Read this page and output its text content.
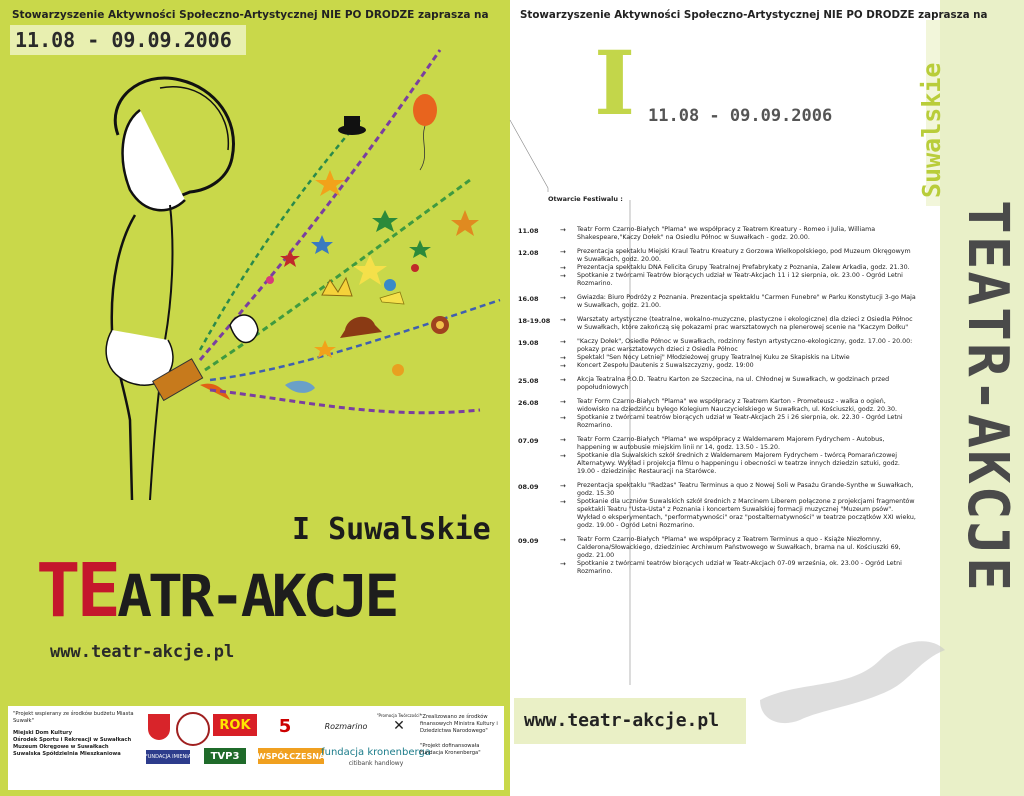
Stowarzyszenie Aktywności Społeczno-Artystycznej NIE PO DRODZE zaprasza na
11.08 - 09.09.2006
I Suwalskie
TEATR-AKCJE
www.teatr-akcje.pl
"Projekt wspierany ze środków budżetu Miasta Suwałk"
Miejski Dom Kultury
Ośrodek Sportu i Rekreacji w Suwałkach
Muzeum Okręgowe w Suwałkach
Suwalska Spółdzielnia Mieszkaniowa
ROK	5	Rozmarino
"Promocja Twórczości"
✕
FUNDACJA IMIENIA	TVP3	WSPÓŁCZESNA
fundacja kronenberga
citibank handlowy

"Zrealizowano ze środków finansowych Ministra Kultury i Dziedzictwa Narodowego"

"Projekt dofinansowała Fundacja Kronenberga"

Stowarzyszenie Aktywności Społeczno-Artystycznej NIE PO DRODZE zaprasza na
I 11.08 - 09.09.2006	Suwalskie
TEATR-AKCJE
Otwarcie Festiwalu :
11.08	→ Teatr Form Czarno-Białych "Plama" we współpracy z Teatrem Kreatury - Romeo i Julia, Williama Shakespeare,"Kaczy Dołek" na Osiedlu Północ w Suwałkach - godz. 20.00.
12.08	→ Prezentacja spektaklu Miejski Kraul Teatru Kreatury z Gorzowa Wielkopolskiego, pod Muzeum Okręgowym w Suwałkach, godz. 20.00.
→ Prezentacja spektaklu DNA Felicita Grupy Teatralnej Prefabrykaty z Poznania, Zalew Arkadia, godz. 21.30.
→ Spotkanie z twórcami Teatrów biorących udział w Teatr-Akcjach 11 i 12 sierpnia, ok. 23.00 - Ogród Letni Rozmarino.
16.08	→ Gwiazda: Biuro Podróży z Poznania. Prezentacja spektaklu "Carmen Funebre" w Parku Konstytucji 3-go Maja w Suwałkach, godz. 21.00.
18-19.08	→ Warsztaty artystyczne (teatralne, wokalno-muzyczne, plastyczne i ekologiczne) dla dzieci z Osiedla Północ w Suwałkach, które zakończą się pokazami prac warsztatowych na plenerowej scenie na "Kaczym Dołku"
19.08	→ "Kaczy Dołek", Osiedle Północ w Suwałkach, rodzinny festyn artystyczno-ekologiczny, godz. 17.00 - 20.00: pokazy prac warsztatowych dzieci z Osiedla Północ
→ Spektakl "Sen Nocy Letniej" Młodzieżowej grupy Teatralnej Kuku ze Skapiskis na Litwie
→ Koncert Zespołu Dautenis z Suwalszczyzny, godz. 19:00
25.08	→ Akcja Teatralna P.O.D. Teatru Karton ze Szczecina, na ul. Chłodnej w Suwałkach, w godzinach przed popołudniowych
26.08	→ Teatr Form Czarno-Białych "Plama" we współpracy z Teatrem Karton - Prometeusz - walka o ogień, widowisko na dziedzińcu byłego Kolegium Nauczycielskiego w Suwałkach, ul. Kościuszki, godz. 20.30.
→ Spotkanie z twórcami teatrów biorących udział w Teatr-Akcjach 25 i 26 sierpnia, ok. 22.30 - Ogród Letni Rozmarino.
07.09	→ Teatr Form Czarno-Białych "Plama" we współpracy z Waldemarem Majorem Fydrychem - Autobus, happening w autobusie miejskim linii nr 14, godz. 13.50 - 15.20.
→ Spotkanie dla Suwalskich szkół średnich z Waldemarem Majorem Fydrychem - twórcą Pomarańczowej Alternatywy. Wykład i projekcja filmu o happeningu i obecności w teatrze innych dziedzin sztuki, godz. 19.00 - dziedziniec Restauracji na Starówce.
08.09	→ Prezentacja spektaklu "Radżas" Teatru Terminus a quo z Nowej Soli w Pasażu Grande-Synthe w Suwałkach, godz. 15.30
→ Spotkanie dla uczniów Suwalskich szkół średnich z Marcinem Liberem połączone z projekcjami fragmentów spektakli Teatru "Usta-Usta" z Poznania i koncertem Suwalskiej formacji muzycznej "Muzeum psów". Wykład o eksperymentach, "performatywności" oraz "postalternatywności" w teatrze początków XXI wieku, godz. 19.00 - Ogród Letni Rozmarino.
09.09	→ Teatr Form Czarno-Białych "Plama" we współpracy z Teatrem Terminus a quo - Książe Niezłomny, Calderona/Słowackiego, dziedziniec Archiwum Państwowego w Suwałkach, brama na ul. Kościuszki 69, godz. 21.00
→ Spotkanie z twórcami teatrów biorących udział w Teatr-Akcjach 07-09 września, ok. 23.00 - Ogród Letni Rozmarino.
www.teatr-akcje.pl
